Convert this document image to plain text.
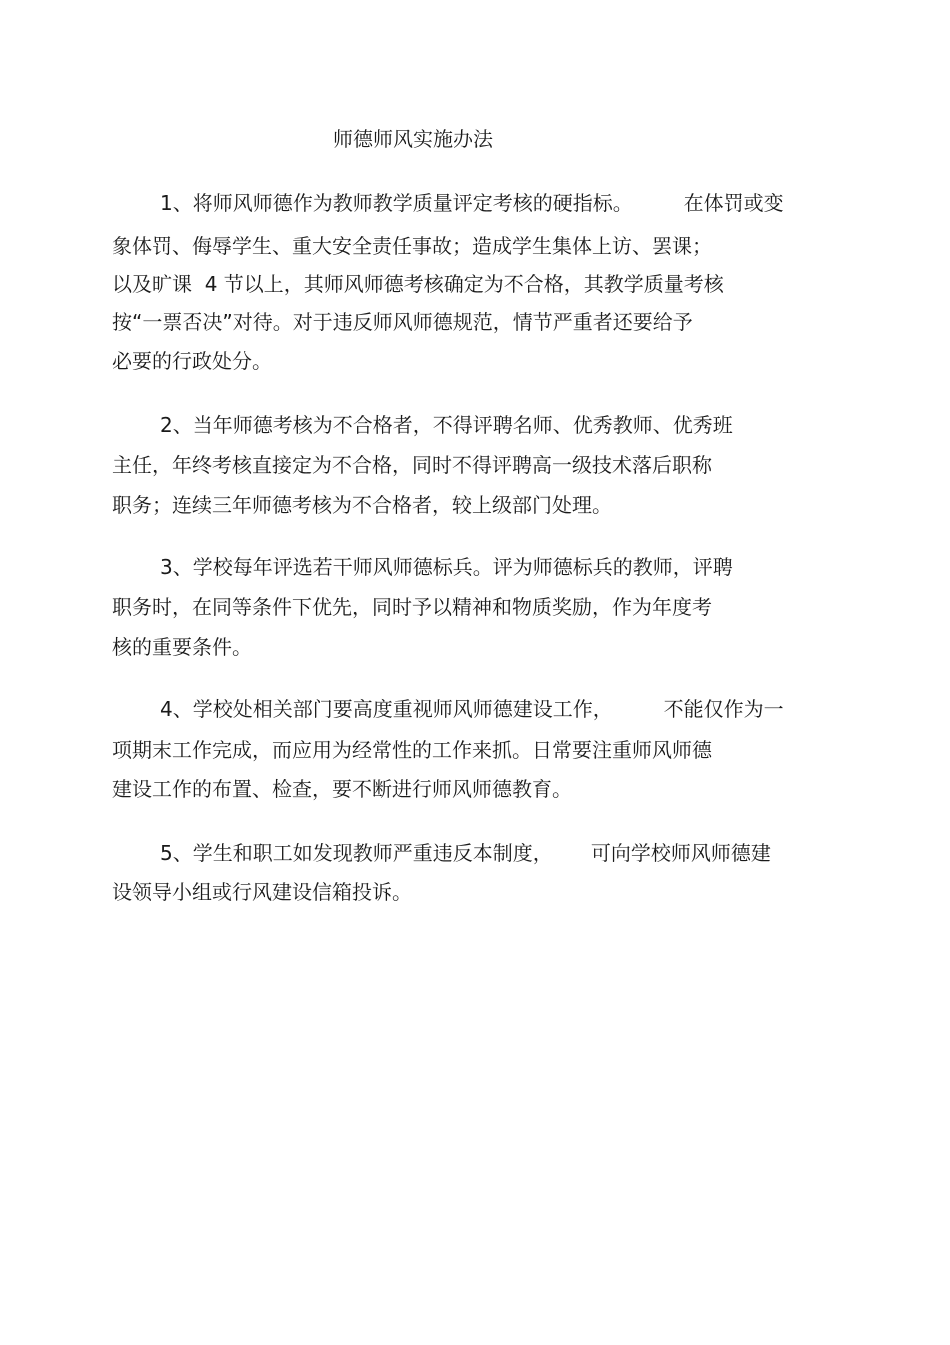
师德师风实施办法
1、将师风师德作为教师教学质量评定考核的硬指标。        在体罚或变
象体罚、侮辱学生、重大安全责任事故；造成学生集体上访、罢课；
以及旷课  4 节以上，其师风师德考核确定为不合格，其教学质量考核
按“一票否决”对待。对于违反师风师德规范，情节严重者还要给予
必要的行政处分。
2、当年师德考核为不合格者，不得评聘名师、优秀教师、优秀班
主任，年终考核直接定为不合格，同时不得评聘高一级技术落后职称
职务；连续三年师德考核为不合格者，较上级部门处理。
3、学校每年评选若干师风师德标兵。评为师德标兵的教师，评聘
职务时，在同等条件下优先，同时予以精神和物质奖励，作为年度考
核的重要条件。
4、学校处相关部门要高度重视师风师德建设工作，        不能仅作为一
项期末工作完成，而应用为经常性的工作来抓。日常要注重师风师德
建设工作的布置、检查，要不断进行师风师德教育。
5、学生和职工如发现教师严重违反本制度，      可向学校师风师德建
设领导小组或行风建设信箱投诉。
